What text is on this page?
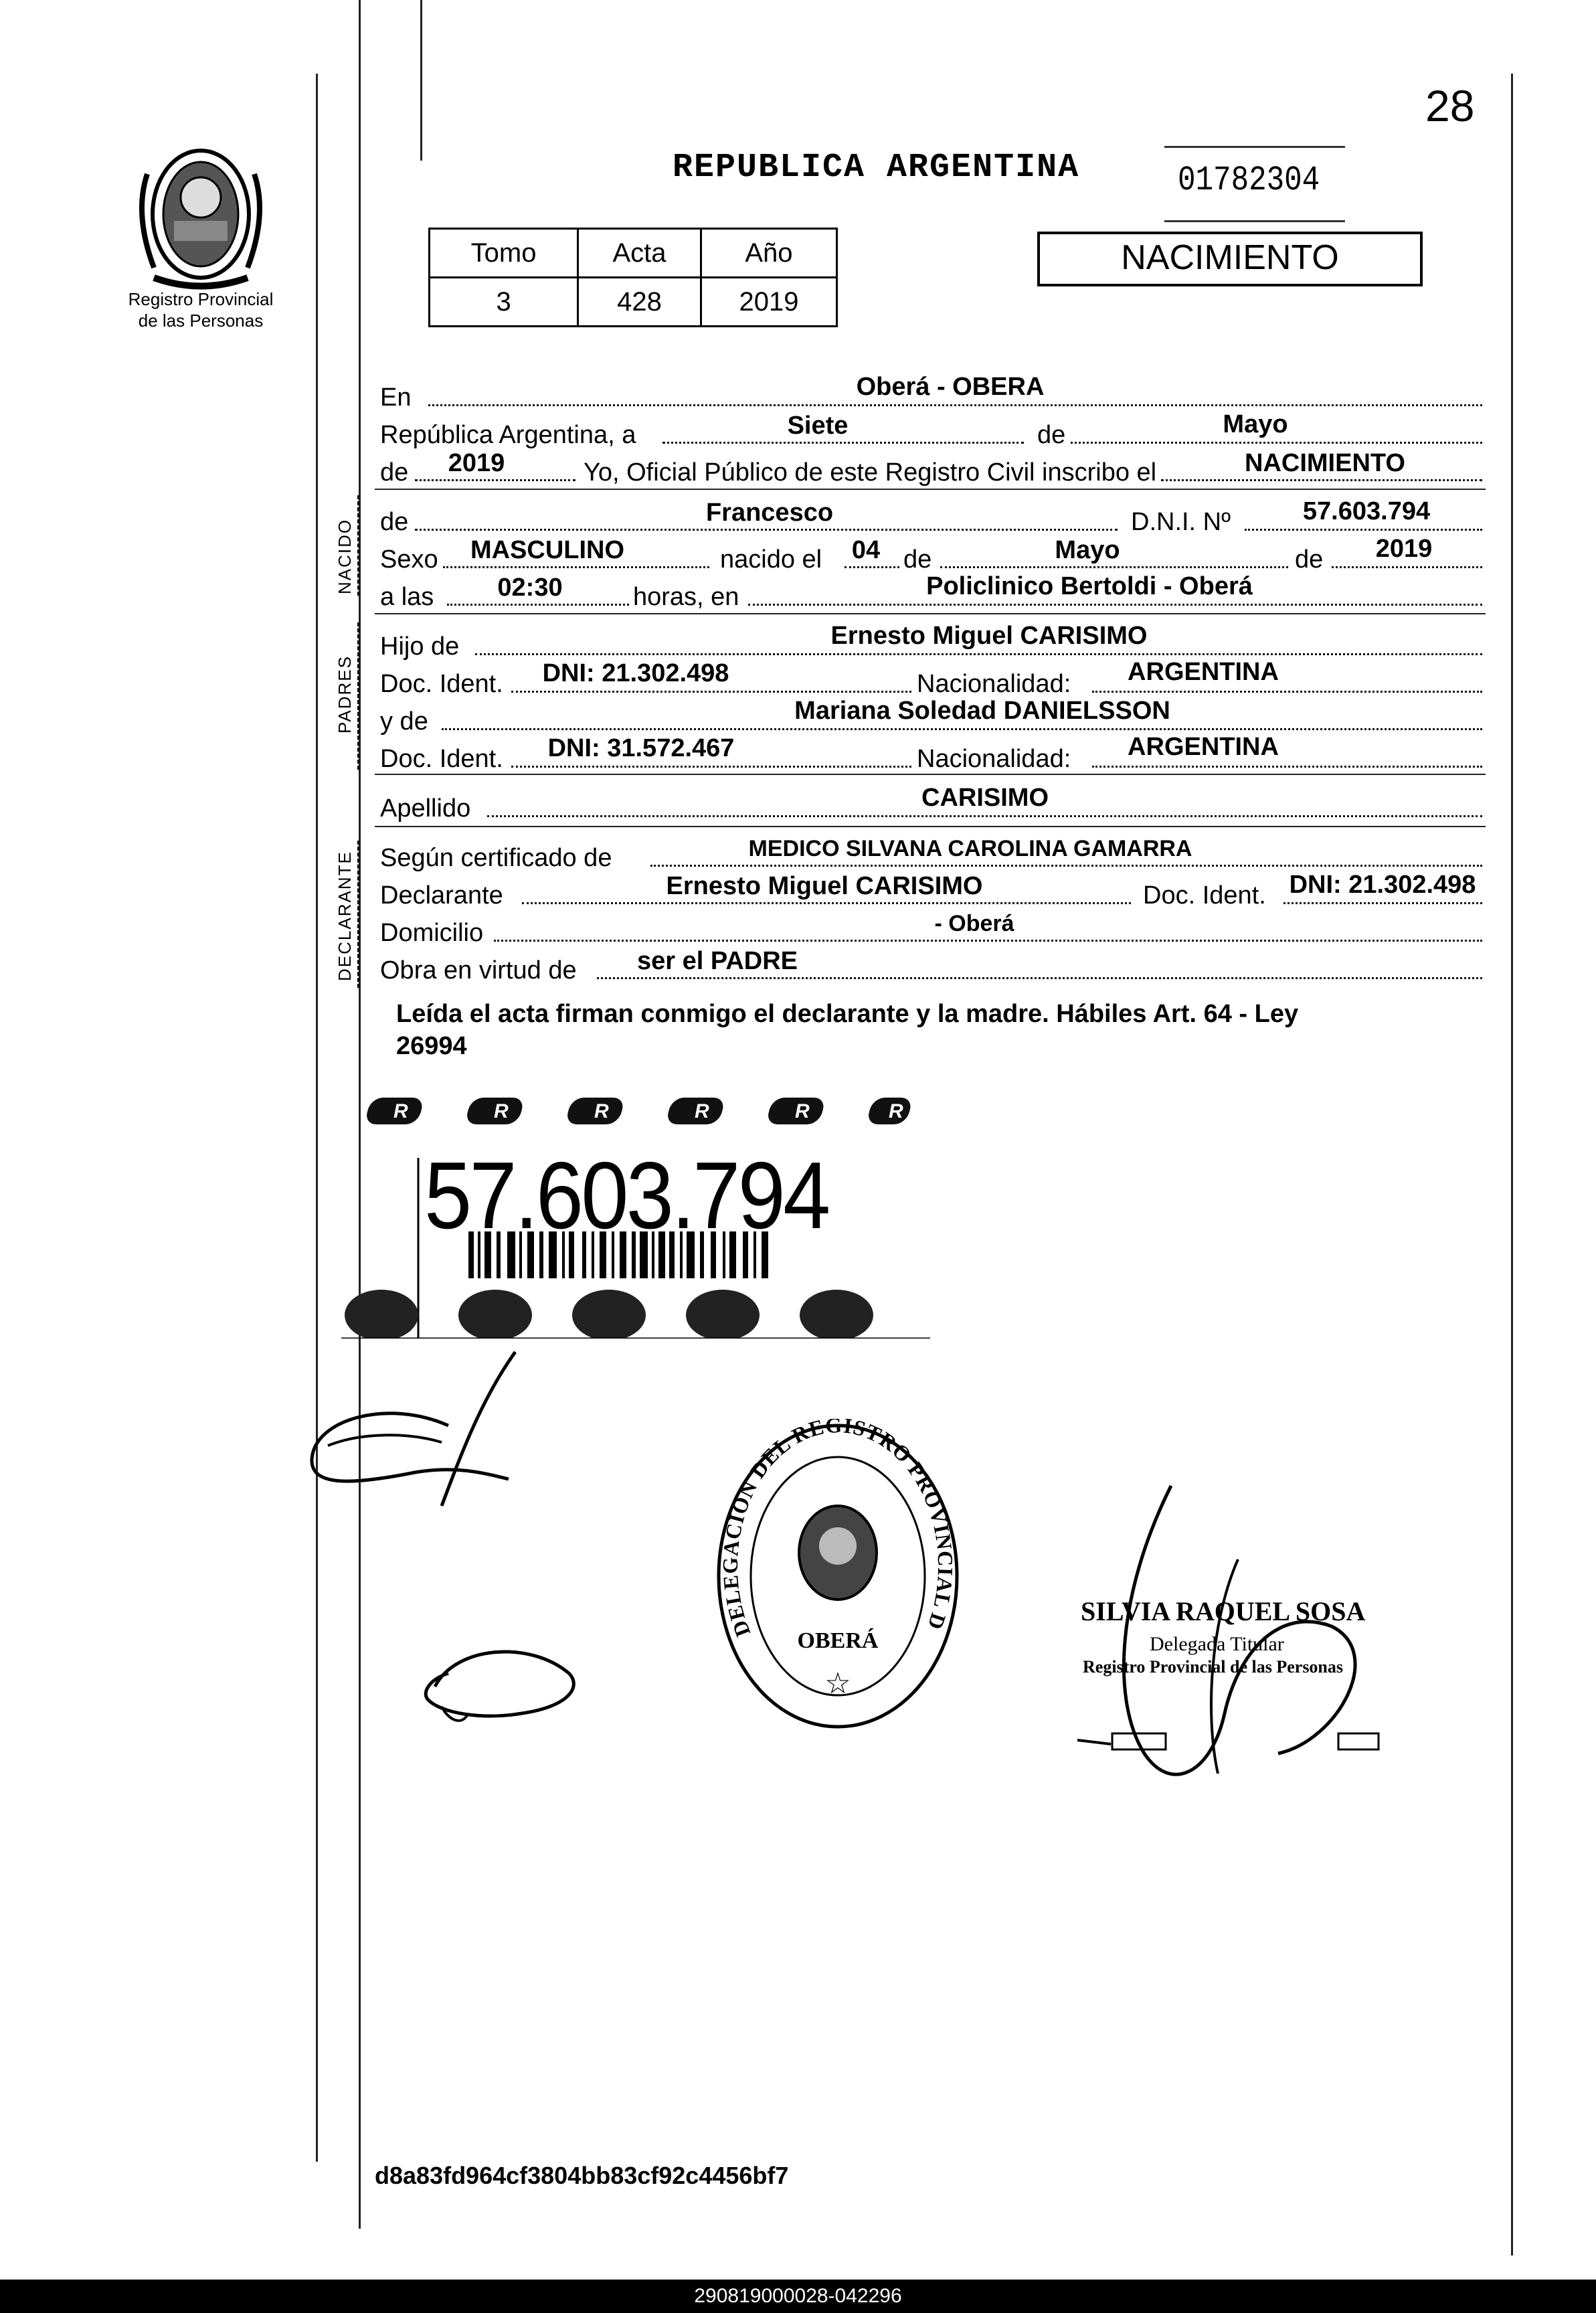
28
Registro Provincial
de las Personas
REPUBLICA ARGENTINA	01782304
Tomo	Acta	Año
3	428	2019
NACIMIENTO
En	Oberá - OBERA
República Argentina, a	Siete	de	Mayo
de 2019	Yo, Oficial Público de este Registro Civil inscribo el	NACIMIENTO
NACIDO de	Francesco	D.N.I. Nº	57.603.794
Sexo MASCULINO	nacido el 04 de	Mayo	de 2019
a las	02:30	horas, en	Policlinico Bertoldi - Oberá
PADRES
Hijo de	Ernesto Miguel CARISIMO
Doc. Ident. DNI: 21.302.498	Nacionalidad: ARGENTINA
y de	Mariana Soledad DANIELSSON
Doc. Ident. DNI: 31.572.467	Nacionalidad: ARGENTINA
Apellido	CARISIMO
DECLARANTE Según certificado de	MEDICO SILVANA CAROLINA GAMARRA
Declarante	Ernesto Miguel CARISIMO	Doc. Ident. DNI: 21.302.498
Domicilio	- Oberá
Obra en virtud de ser el PADRE
Leída el acta firman conmigo el declarante y la madre. Hábiles Art. 64 - Ley
26994
R	R	R	R	R	R
57.603.794
DELEGACION DEL REGISTRO PROVINCIAL D
OBERÁ
☆
SILVIA RAQUEL SOSA
Delegada Titular
Registro Provincial de las Personas
d8a83fd964cf3804bb83cf92c4456bf7
290819000028-042296
